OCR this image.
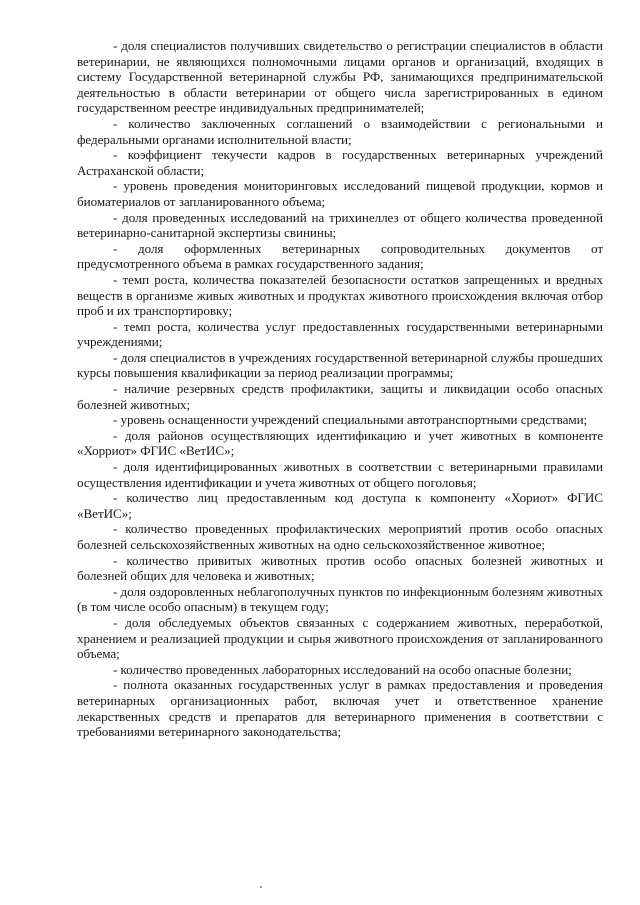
- доля специалистов получивших свидетельство о регистрации специалистов в области ветеринарии, не являющихся полномочными лицами органов и организаций, входящих в систему Государственной ветеринарной службы РФ, занимающихся предпринимательской деятельностью в области ветеринарии от общего числа зарегистрированных в едином государственном реестре индивидуальных предпринимателей;

- количество заключенных соглашений о взаимодействии с региональными и федеральными органами исполнительной власти;

- коэффициент текучести кадров в государственных ветеринарных учреждений Астраханской области;

- уровень проведения мониторинговых исследований пищевой продукции, кормов и биоматериалов от запланированного объема;

- доля проведенных исследований на трихинеллез от общего количества проведенной ветеринарно-санитарной экспертизы свинины;

- доля оформленных ветеринарных сопроводительных документов от предусмотренного объема в рамках государственного задания;

- темп роста, количества показателей безопасности остатков запрещенных и вредных веществ в организме живых животных и продуктах животного происхождения включая отбор проб и их транспортировку;

- темп роста, количества услуг предоставленных государственными ветеринарными учреждениями;

- доля специалистов в учреждениях государственной ветеринарной службы прошедших курсы повышения квалификации за период реализации программы;

- наличие резервных средств профилактики, защиты и ликвидации особо опасных болезней животных;

- уровень оснащенности учреждений специальными автотранспортными средствами;

- доля районов осуществляющих идентификацию и учет животных в компоненте «Хорриот» ФГИС «ВетИС»;

- доля идентифицированных животных в соответствии с ветеринарными правилами осуществления идентификации и учета животных от общего поголовья;

- количество лиц предоставленным код доступа к компоненту «Хориот» ФГИС «ВетИС»;

- количество проведенных профилактических мероприятий против особо опасных болезней сельскохозяйственных животных на одно сельскохозяйственное животное;

- количество привитых животных против особо опасных болезней животных и болезней общих для человека и животных;

- доля оздоровленных неблагополучных пунктов по инфекционным болезням животных (в том числе особо опасным) в текущем году;

- доля обследуемых объектов связанных с содержанием животных, переработкой, хранением и реализацией продукции и сырья животного происхождения от запланированного объема;

- количество проведенных лабораторных исследований на особо опасные болезни;

- полнота оказанных государственных услуг в рамках предоставления и проведения ветеринарных организационных работ, включая учет и ответственное хранение лекарственных средств и препаратов для ветеринарного применения в соответствии с требованиями ветеринарного законодательства;
